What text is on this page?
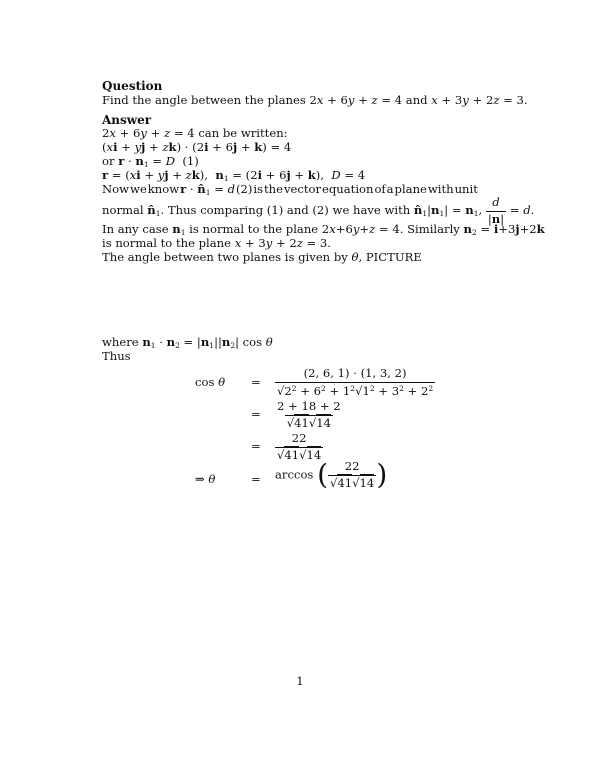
Question
Find the angle between the planes 2x + 6y + z = 4 and x + 3y + 2z = 3.
Answer
2x + 6y + z = 4 can be written:
(xi + yj + zk) · (2i + 6j + k) = 4
or $r \cdot n_1 = D$  (1)
r = (xi + yj + zk),  $n_1 = (2i + 6j + k)$,  D = 4
Now we know $r \cdot n̂_1 = d$ (2) is the vector equation of a plane with unit
normal $n̂_1$. Thus comparing (1) and (2) we have with $n̂_1|n_1| = n_1$, $\frac{d}{|n|} = d$.
In any case $n_1$ is normal to the plane 2x+6y+z = 4. Similarly $n_2 = i+3j+2k$
is normal to the plane x + 3y + 2z = 3.
The angle between two planes is given by θ, PICTURE
where $n_1 \cdot n_2 = |n_1||n_2|$ cos θ
Thus
$\cos \theta = \frac{(2, 6, 1) \cdot (1, 3, 2)}{√2^2 + 6^2 + 1^2√1^2 + 3^2 + 2^2}$
= $\frac{2 + 18 + 2}{√41√14}$
= $\frac{22}{√41√14}$
⇒ θ	= arccos ( $\frac{22}{√41√14}$ )
1
